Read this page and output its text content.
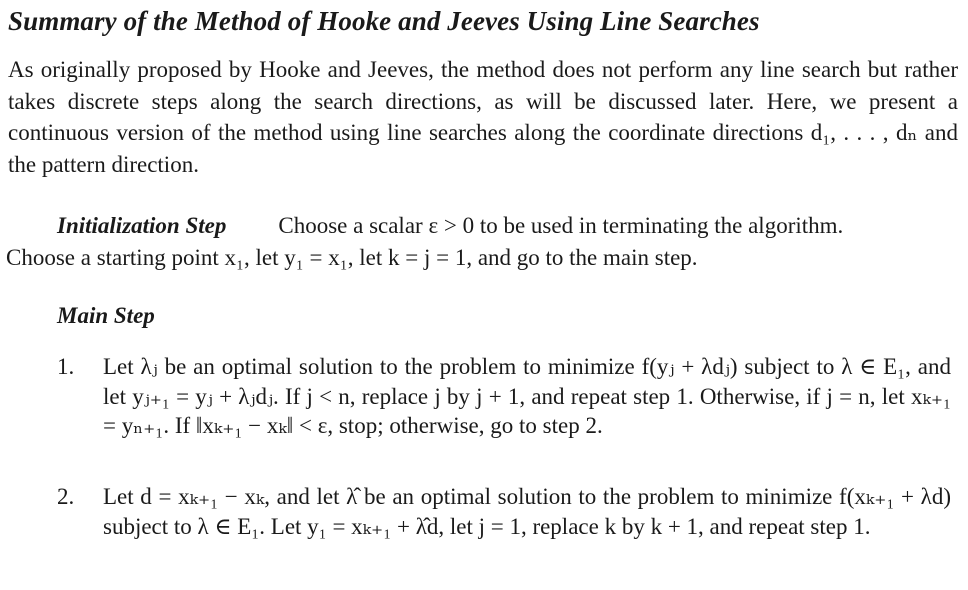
Summary of the Method of Hooke and Jeeves Using Line Searches
As originally proposed by Hooke and Jeeves, the method does not perform any line search but rather takes discrete steps along the search directions, as will be discussed later. Here, we present a continuous version of the method using line searches along the coordinate directions d₁, . . . , dₙ and the pattern direction.
Initialization Step Choose a scalar ε > 0 to be used in terminating the algorithm.
Choose a starting point x₁, let y₁ = x₁, let k = j = 1, and go to the main step.
Main Step
1. Let λⱼ be an optimal solution to the problem to minimize f(yⱼ + λdⱼ) subject to λ ∈ E₁, and let yⱼ₊₁ = yⱼ + λⱼdⱼ. If j < n, replace j by j + 1, and repeat step 1. Otherwise, if j = n, let xₖ₊₁ = yₙ₊₁. If ‖xₖ₊₁ − xₖ‖ < ε, stop; otherwise, go to step 2.
2. Let d = xₖ₊₁ − xₖ, and let λ̂ be an optimal solution to the problem to minimize f(xₖ₊₁ + λd) subject to λ ∈ E₁. Let y₁ = xₖ₊₁ + λ̂d, let j = 1, replace k by k + 1, and repeat step 1.
